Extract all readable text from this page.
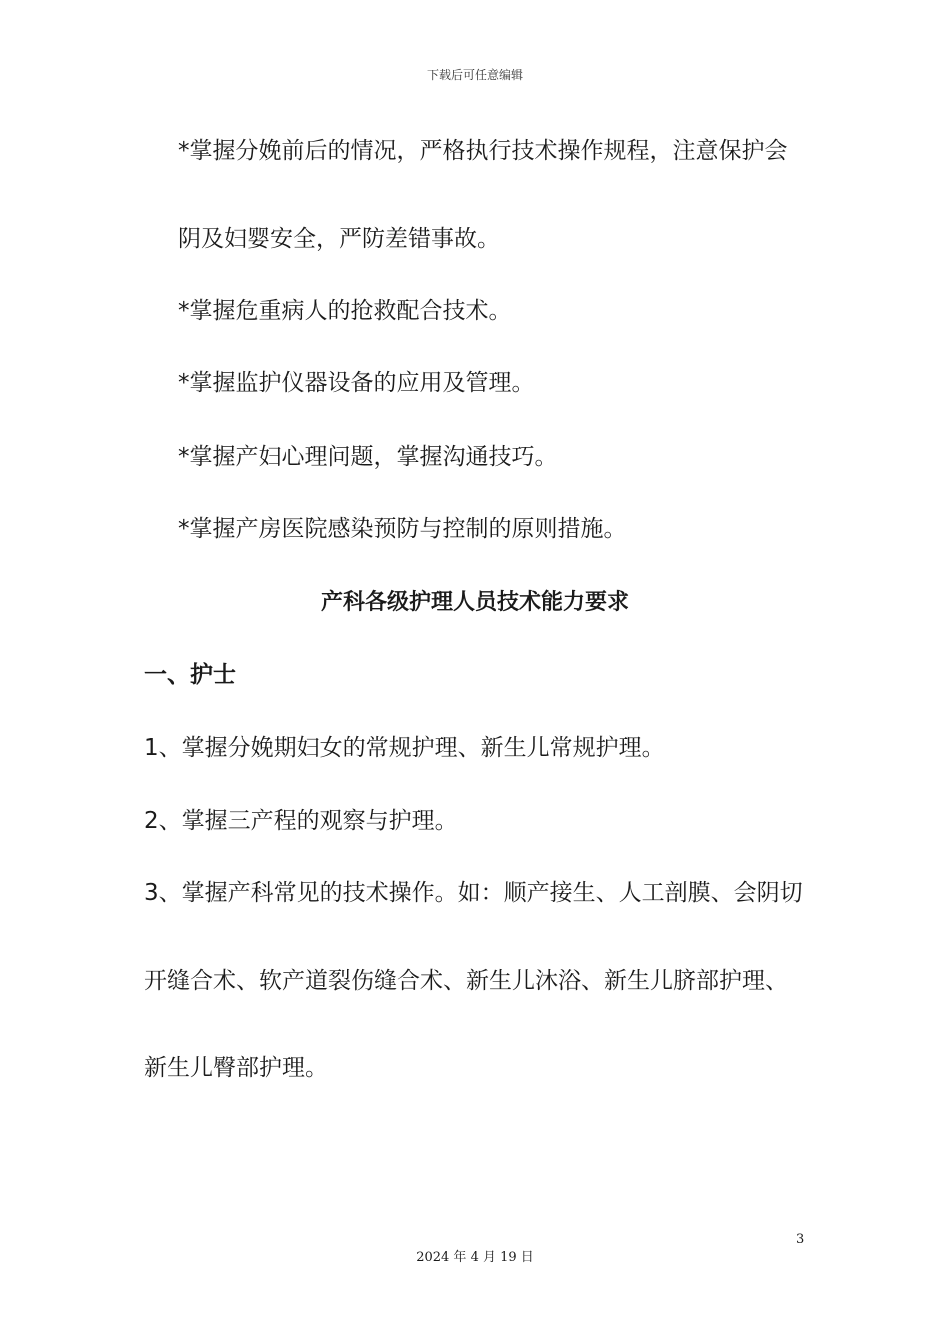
下载后可任意编辑
*掌握分娩前后的情况，严格执行技术操作规程，注意保护会
阴及妇婴安全，严防差错事故。
*掌握危重病人的抢救配合技术。
*掌握监护仪器设备的应用及管理。
*掌握产妇心理问题，掌握沟通技巧。
*掌握产房医院感染预防与控制的原则措施。
产科各级护理人员技术能力要求
一、护士
1、掌握分娩期妇女的常规护理、新生儿常规护理。
2、掌握三产程的观察与护理。
3、掌握产科常见的技术操作。如：顺产接生、人工剖膜、会阴切
开缝合术、软产道裂伤缝合术、新生儿沐浴、新生儿脐部护理、
新生儿臀部护理。
3
2024 年 4 月 19 日
